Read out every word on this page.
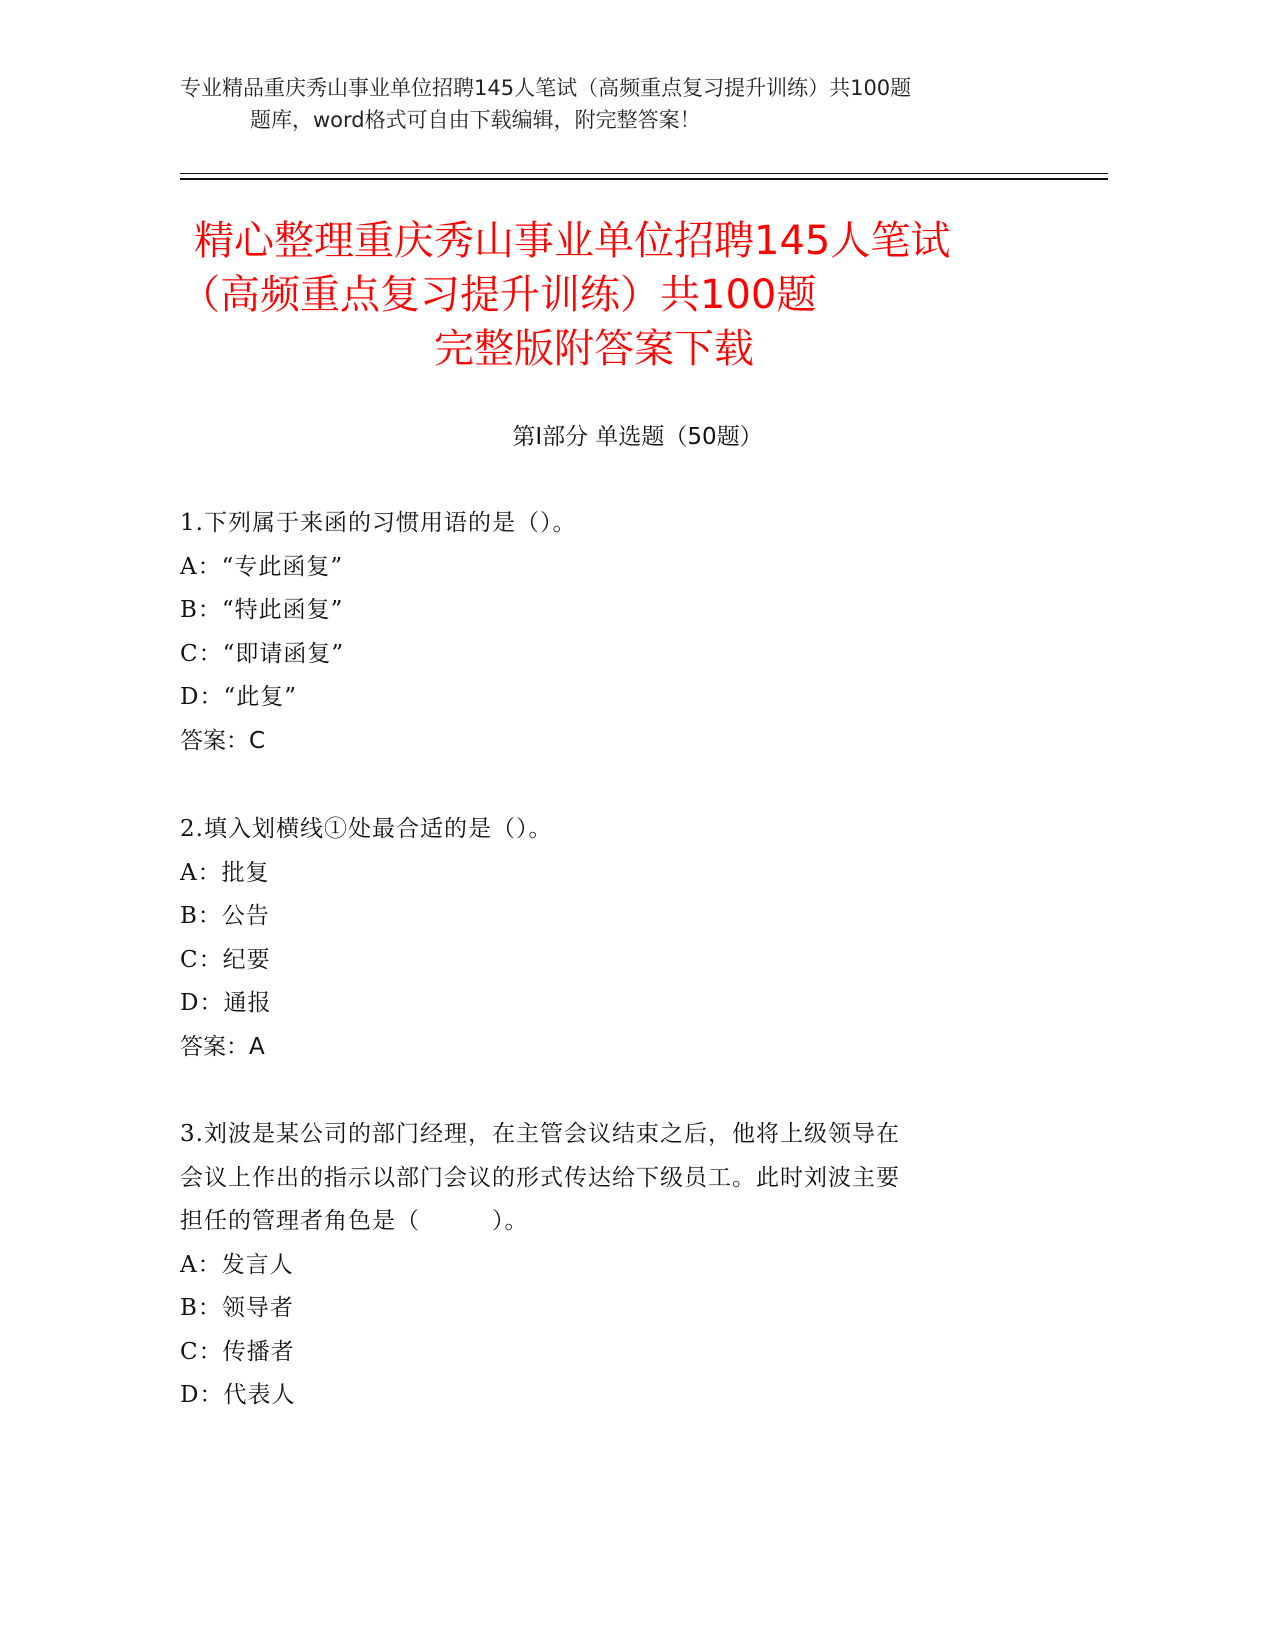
专业精品重庆秀山事业单位招聘145人笔试（高频重点复习提升训练）共100题
题库，word格式可自由下载编辑，附完整答案！
精心整理重庆秀山事业单位招聘145人笔试
（高频重点复习提升训练）共100题
完整版附答案下载
第Ⅰ部分 单选题（50题）
1.下列属于来函的习惯用语的是（）。
A：“专此函复”
B：“特此函复”
C：“即请函复”
D：“此复”
答案：C
2.填入划横线①处最合适的是（）。
A：批复
B：公告
C：纪要
D：通报
答案：A
3.刘波是某公司的部门经理，在主管会议结束之后，他将上级领导在
会议上作出的指示以部门会议的形式传达给下级员工。此时刘波主要
担任的管理者角色是（　　　）。
A：发言人
B：领导者
C：传播者
D：代表人
